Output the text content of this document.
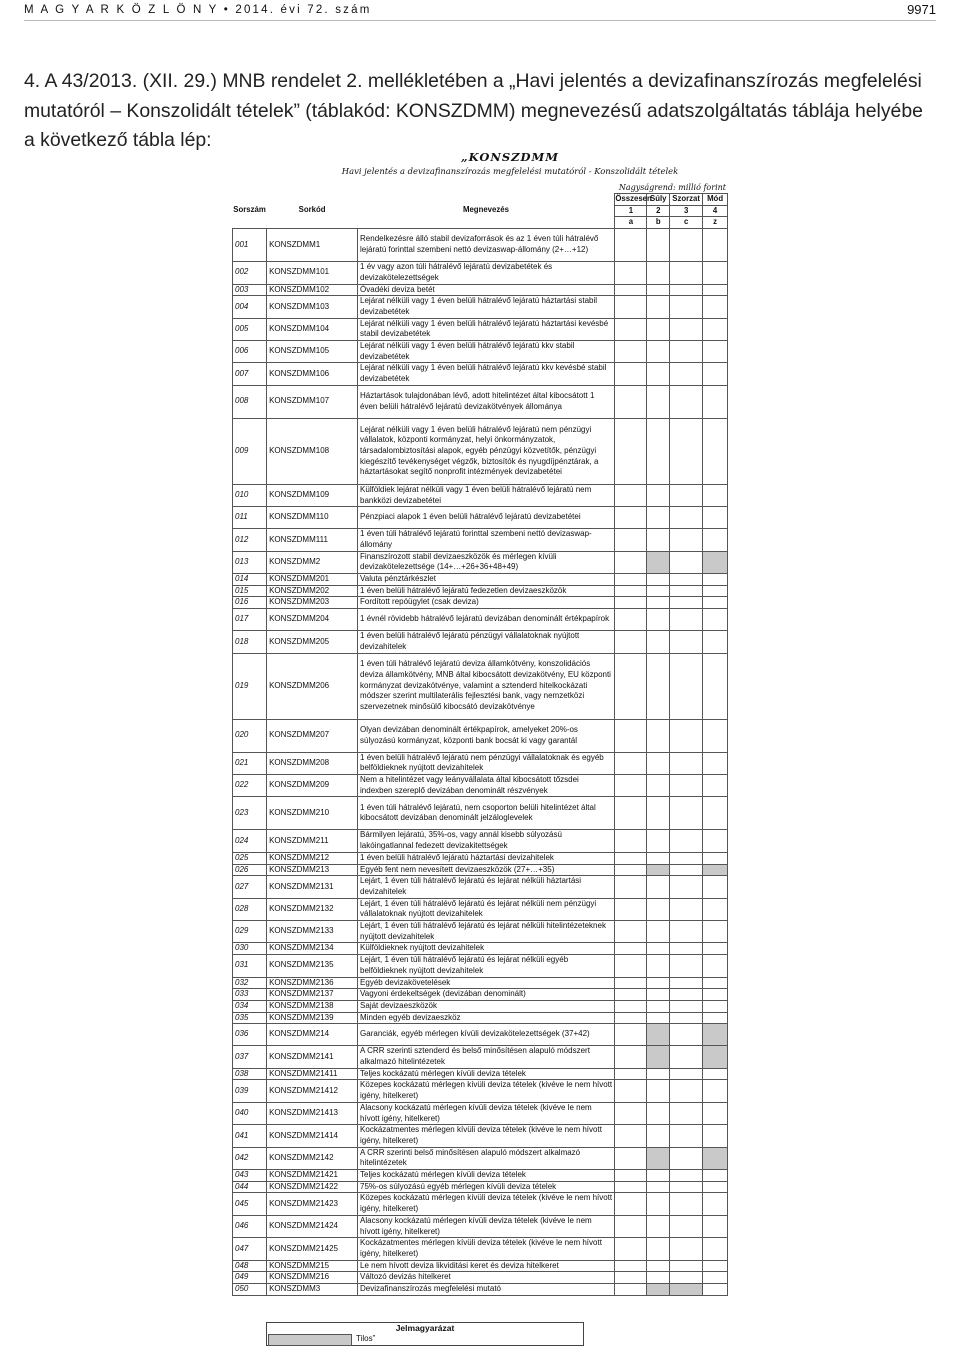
M A G Y A R K Ö Z L Ö N Y • 2014. évi 72. szám	9971
4. A 43/2013. (XII. 29.) MNB rendelet 2. mellékletében a „Havi jelentés a devizafinanszírozás megfelelési mutatóról – Konszolidált tételek” (táblakód: KONSZDMM) megnevezésű adatszolgáltatás táblája helyébe a következő tábla lép:
„KONSZDMM
Havi jelentés a devizafinanszírozás megfelelési mutatóról - Konszolidált tételek
Nagyságrend: millió forint
Sorszám	Sorkód	Megnevezés	Összesen	Súly	Szorzat	Mód
			1	2	3	4
			a	b	c	z
001	KONSZDMM1	Rendelkezésre álló stabil devizaforrások és az 1 éven túli hátralévő lejáratú forinttal szembeni nettó devizaswap-állomány (2+…+12)				
002	KONSZDMM101	1 év vagy azon túli hátralévő lejáratú devizabetétek és devizakötelezettségek				
003	KONSZDMM102	Óvadéki deviza betét				
004	KONSZDMM103	Lejárat nélküli vagy 1 éven belüli hátralévő lejáratú háztartási stabil devizabetétek				
005	KONSZDMM104	Lejárat nélküli vagy 1 éven belüli hátralévő lejáratú háztartási kevésbé stabil devizabetétek				
006	KONSZDMM105	Lejárat nélküli vagy 1 éven belüli hátralévő lejáratú kkv stabil devizabetétek				
007	KONSZDMM106	Lejárat nélküli vagy 1 éven belüli hátralévő lejáratú kkv kevésbé stabil devizabetétek				
008	KONSZDMM107	Háztartások tulajdonában lévő, adott hitelintézet által kibocsátott 1 éven belüli hátralévő lejáratú devizakötvények állománya				
009	KONSZDMM108	Lejárat nélküli vagy 1 éven belüli hátralévő lejáratú nem pénzügyi vállalatok, központi kormányzat, helyi önkormányzatok, társadalombiztosítási alapok, egyéb pénzügyi közvetítők, pénzügyi kiegészítő tevékenységet végzők, biztosítók és nyugdíjpénztárak, a háztartásokat segítő nonprofit intézmények devizabetétei				
010	KONSZDMM109	Külföldiek lejárat nélküli vagy 1 éven belüli hátralévő lejáratú nem bankközi devizabetétei				
011	KONSZDMM110	Pénzpiaci alapok 1 éven belüli hátralévő lejáratú devizabetétei				
012	KONSZDMM111	1 éven túli hátralévő lejáratú forinttal szembeni nettó devizaswap-állomány				
013	KONSZDMM2	Finanszírozott stabil devizaeszközök és mérlegen kívüli devizakötelezettsége (14+…+26+36+48+49)				
014	KONSZDMM201	Valuta pénztárkészlet				
015	KONSZDMM202	1 éven belüli hátralévő lejáratú fedezetlen devizaeszközök				
016	KONSZDMM203	Fordított repóügylet (csak deviza)				
017	KONSZDMM204	1 évnél rövidebb hátralévő lejáratú devizában denominált értékpapírok				
018	KONSZDMM205	1 éven belüli hátralévő lejáratú pénzügyi vállalatoknak nyújtott devizahitelek				
019	KONSZDMM206	1 éven túli hátralévő lejáratú deviza államkötvény, konszolidációs deviza államkötvény, MNB által kibocsátott devizakötvény, EU központi kormányzat devizakötvénye, valamint a sztenderd hitelkockázati módszer szerint multilaterális fejlesztési bank, vagy nemzetközi szervezetnek minősülő kibocsátó devizakötvénye				
020	KONSZDMM207	Olyan devizában denominált értékpapírok, amelyeket 20%-os súlyozású kormányzat, központi bank bocsát ki vagy garantál				
021	KONSZDMM208	1 éven belüli hátralévő lejáratú nem pénzügyi vállalatoknak és egyéb belföldieknek nyújtott devizahitelek				
022	KONSZDMM209	Nem a hitelintézet vagy leányvállalata által kibocsátott tőzsdei indexben szereplő devizában denominált részvények				
023	KONSZDMM210	1 éven túli hátralévő lejáratú, nem csoporton belüli hitelintézet által kibocsátott devizában denominált jelzáloglevelek				
024	KONSZDMM211	Bármilyen lejáratú, 35%-os, vagy annál kisebb súlyozású lakóingatlannal fedezett devizakitettségek				
025	KONSZDMM212	1 éven belüli hátralévő lejáratú háztartási devizahitelek				
026	KONSZDMM213	Egyéb fent nem nevesített devizaeszközök (27+…+35)				
027	KONSZDMM2131	Lejárt, 1 éven túli hátralévő lejáratú és lejárat nélküli háztartási devizahitelek				
028	KONSZDMM2132	Lejárt, 1 éven túli hátralévő lejáratú és lejárat nélküli nem pénzügyi vállalatoknak nyújtott devizahitelek				
029	KONSZDMM2133	Lejárt, 1 éven túli hátralévő lejáratú és lejárat nélküli hitelintézeteknek nyújtott devizahitelek				
030	KONSZDMM2134	Külföldieknek nyújtott devizahitelek				
031	KONSZDMM2135	Lejárt, 1 éven túli hátralévő lejáratú és lejárat nélküli egyéb belföldieknek nyújtott devizahitelek				
032	KONSZDMM2136	Egyéb devizakövetelések				
033	KONSZDMM2137	Vagyoni érdekeltségek (devizában denominált)				
034	KONSZDMM2138	Saját devizaeszközök				
035	KONSZDMM2139	Minden egyéb devizaeszköz				
036	KONSZDMM214	Garanciák, egyéb mérlegen kívüli devizakötelezettségek (37+42)				
037	KONSZDMM2141	A CRR szerinti sztenderd és belső minősítésen alapuló módszert alkalmazó hitelintézetek				
038	KONSZDMM21411	Teljes kockázatú mérlegen kívüli deviza tételek				
039	KONSZDMM21412	Közepes kockázatú mérlegen kívüli deviza tételek (kivéve le nem hívott igény, hitelkeret)				
040	KONSZDMM21413	Alacsony kockázatú mérlegen kívüli deviza tételek (kivéve le nem hívott igény, hitelkeret)				
041	KONSZDMM21414	Kockázatmentes mérlegen kívüli deviza tételek (kivéve le nem hívott igény, hitelkeret)				
042	KONSZDMM2142	A CRR szerinti belső minősítésen alapuló módszert alkalmazó hitelintézetek				
043	KONSZDMM21421	Teljes kockázatú mérlegen kívüli deviza tételek				
044	KONSZDMM21422	75%-os súlyozású egyéb mérlegen kívüli deviza tételek				
045	KONSZDMM21423	Közepes kockázatú mérlegen kívüli deviza tételek (kivéve le nem hívott igény, hitelkeret)				
046	KONSZDMM21424	Alacsony kockázatú mérlegen kívüli deviza tételek (kivéve le nem hívott igény, hitelkeret)				
047	KONSZDMM21425	Kockázatmentes mérlegen kívüli deviza tételek (kivéve le nem hívott igény, hitelkeret)				
048	KONSZDMM215	Le nem hívott deviza likviditási keret és deviza hitelkeret				
049	KONSZDMM216	Változó devizás hitelkeret				
050	KONSZDMM3	Devizafinanszírozás megfelelési mutató				
Jelmagyarázat
Tilos”
